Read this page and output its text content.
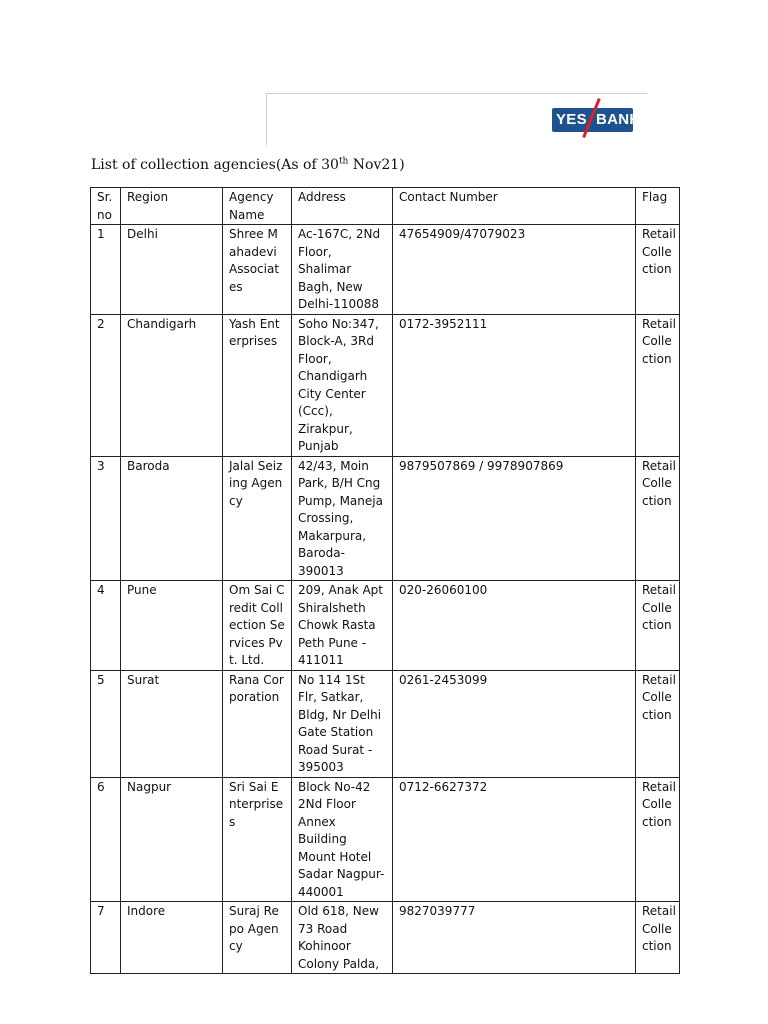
YES BANK
List of collection agencies(As of 30th Nov21)
Sr. no	Region	Agency Name	Address	Contact Number	Flag
1	Delhi	Shree Mahadevi Associates	Ac-167C, 2Nd Floor, Shalimar Bagh, New Delhi-110088	47654909/47079023	Retail Collection
2	Chandigarh	Yash Enterprises	Soho No:347, Block-A, 3Rd Floor, Chandigarh City Center (Ccc), Zirakpur, Punjab	0172-3952111	Retail Collection
3	Baroda	Jalal Seizing Agency	42/43, Moin Park, B/H Cng Pump, Maneja Crossing, Makarpura, Baroda-390013	9879507869 / 9978907869	Retail Collection
4	Pune	Om Sai Credit Collection Services Pvt. Ltd.	209, Anak Apt Shiralsheth Chowk Rasta Peth Pune - 411011	020-26060100	Retail Collection
5	Surat	Rana Corporation	No 114 1St Flr, Satkar, Bldg, Nr Delhi Gate Station Road Surat - 395003	0261-2453099	Retail Collection
6	Nagpur	Sri Sai Enterprises	Block No-42 2Nd Floor Annex Building Mount Hotel Sadar Nagpur-440001	0712-6627372	Retail Collection
7	Indore	Suraj Repo Agency	Old 618, New 73 Road Kohinoor Colony Palda,	9827039777	Retail Collection
